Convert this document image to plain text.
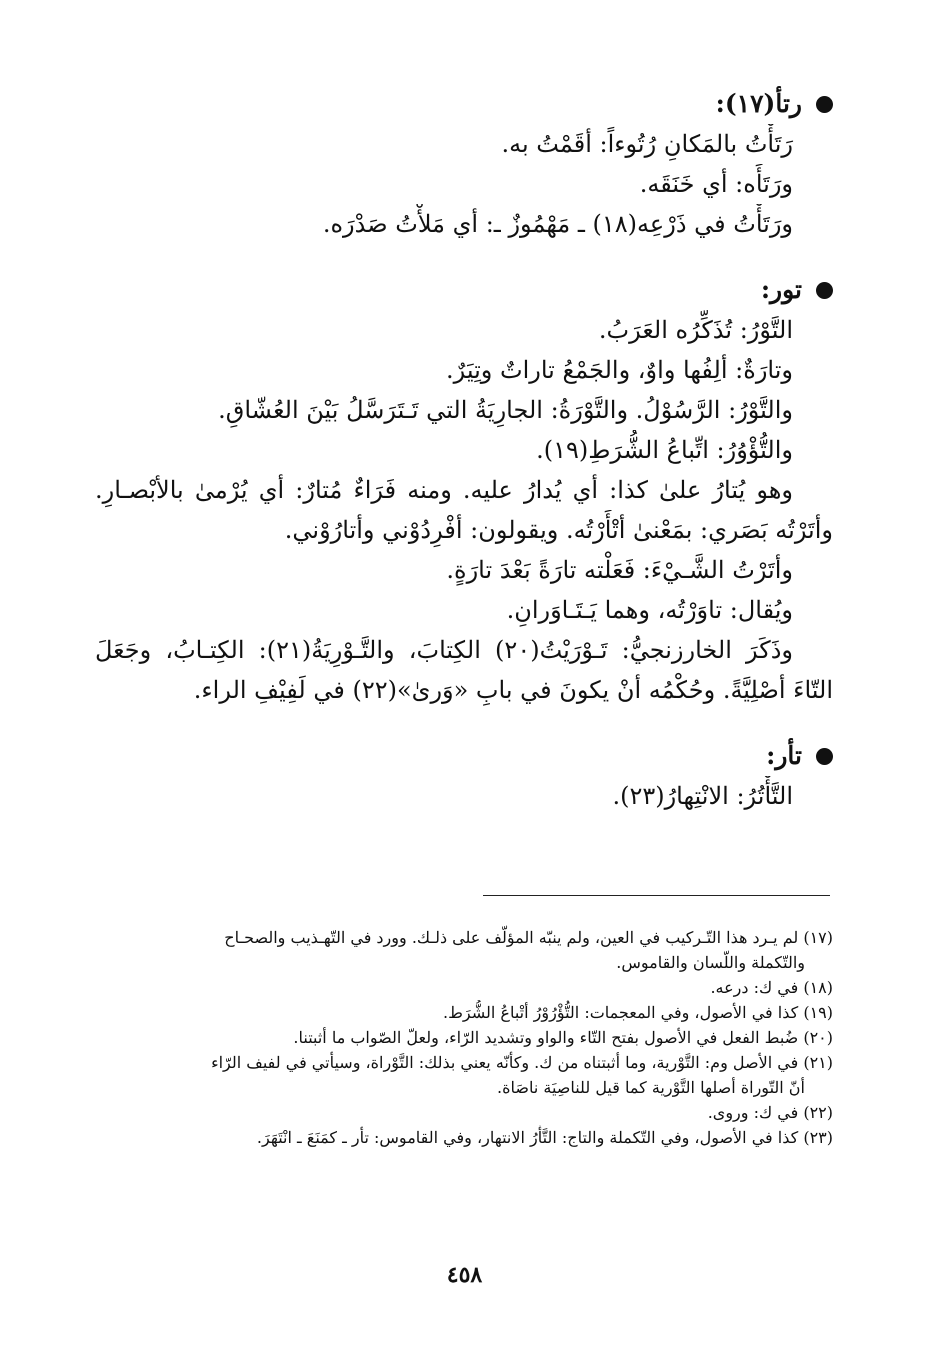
رتأ(١٧):
رَتَأْتُ بالمَكانِ رُتُوءاً: أقَمْتُ به.
ورَتَأَه: أي خَنَقَه.
ورَتَأْتُ في ذَرْعِه(١٨) ـ مَهْمُوزٌ ـ: أي مَلأْتُ صَدْرَه.
تور:
التَّوْرُ: تُذَكِّرُه العَرَبُ.
وتارَةٌ: ألِفُها واوٌ، والجَمْعُ تاراتٌ وتِيَرٌ.
والتَّوْرُ: الرَّسُوْلُ. والتَّوْرَةُ: الجارِيَةُ التي تَـتَرَسَّلُ بَيْنَ العُشّاقِ.
والتُّؤْوُرُ: اتِّباعُ الشُّرَطِ(١٩).
وهو يُتارُ علىٰ كذا: أي يُدارُ عليه. ومنه فَرَاءٌ مُتارٌ: أي يُرْمىٰ بالأبْصـارِ.
وأتَرْتُه بَصَري: بمَعْنىٰ أتْأَرْتُه. ويقولون: أفْرِدُوْني وأتارُوْني.
وأتَرْتُ الشَّـيْءَ: فَعَلْته تارَةً بَعْدَ تارَةٍ.
ويُقال: تاوَرْتُه، وهما يَـتَـاوَرانِ.
وذَكَرَ الخارزنجيُّ: تَـوْرَيْتُ(٢٠) الكِتابَ، والتَّـوْرِيَةُ(٢١): الكِتـابُ، وجَعَلَ
التّاءَ أصْلِيَّةً. وحُكْمُه أنْ يكونَ في بابِ «وَرىٰ»(٢٢) في لَفِيْفِ الراء.
تأر:
التَّأْتُرُ: الانْتِهارُ(٢٣).
(١٧) لم يـرد هذا التّـركيب في العين، ولم ينبّه المؤلّف على ذلـك. وورد في التّهـذيب والصحـاح
والتّكملة واللّسان والقاموس.
(١٨) في ك: درعه.
(١٩) كذا في الأصول، وفي المعجمات: التُّؤْرُوْرُ أتْباعُ الشُّرَط.
(٢٠) ضُبط الفعل في الأصول بفتح التّاء والواو وتشديد الرّاء، ولعلّ الصّواب ما أثبتنا.
(٢١) في الأصل وم: التَّوْرية، وما أثبتناه من ك. وكأنّه يعني بذلك: التَّوْراة، وسيأتي في لفيف الرّاء
أنّ التّوراة أصلها التَّوْرية كما قيل للناصِيَة ناصَاة.
(٢٢) في ك: وروى.
(٢٣) كذا في الأصول، وفي التّكملة والتاج: التَّأْرُ الانتهار، وفي القاموس: تأر ـ كمَنَعَ ـ انْتَهَرَ.
٤٥٨
